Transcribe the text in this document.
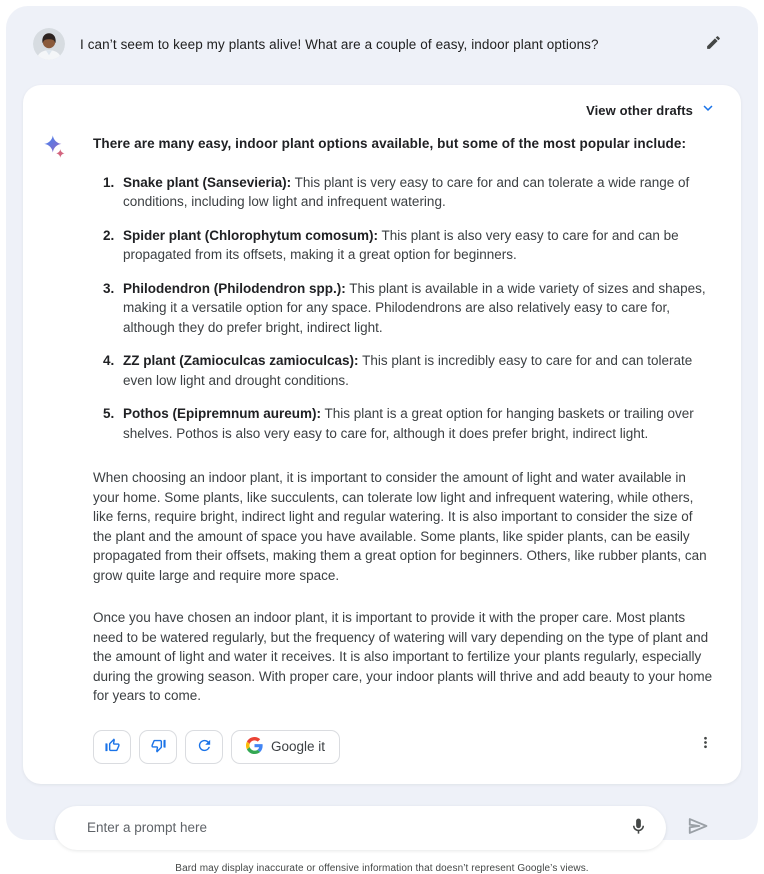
I can’t seem to keep my plants alive! What are a couple of easy, indoor plant options?
View other drafts

There are many easy, indoor plant options available, but some of the most popular include:

1. Snake plant (Sansevieria): This plant is very easy to care for and can tolerate a wide range of conditions, including low light and infrequent watering.
2. Spider plant (Chlorophytum comosum): This plant is also very easy to care for and can be propagated from its offsets, making it a great option for beginners.
3. Philodendron (Philodendron spp.): This plant is available in a wide variety of sizes and shapes, making it a versatile option for any space. Philodendrons are also relatively easy to care for, although they do prefer bright, indirect light.
4. ZZ plant (Zamioculcas zamioculcas): This plant is incredibly easy to care for and can tolerate even low light and drought conditions.
5. Pothos (Epipremnum aureum): This plant is a great option for hanging baskets or trailing over shelves. Pothos is also very easy to care for, although it does prefer bright, indirect light.

When choosing an indoor plant, it is important to consider the amount of light and water available in your home. Some plants, like succulents, can tolerate low light and infrequent watering, while others, like ferns, require bright, indirect light and regular watering. It is also important to consider the size of the plant and the amount of space you have available. Some plants, like spider plants, can be easily propagated from their offsets, making them a great option for beginners. Others, like rubber plants, can grow quite large and require more space.

Once you have chosen an indoor plant, it is important to provide it with the proper care. Most plants need to be watered regularly, but the frequency of watering will vary depending on the type of plant and the amount of light and water it receives. It is also important to fertilize your plants regularly, especially during the growing season. With proper care, your indoor plants will thrive and add beauty to your home for years to come.

Google it
Enter a prompt here
Bard may display inaccurate or offensive information that doesn’t represent Google’s views.
